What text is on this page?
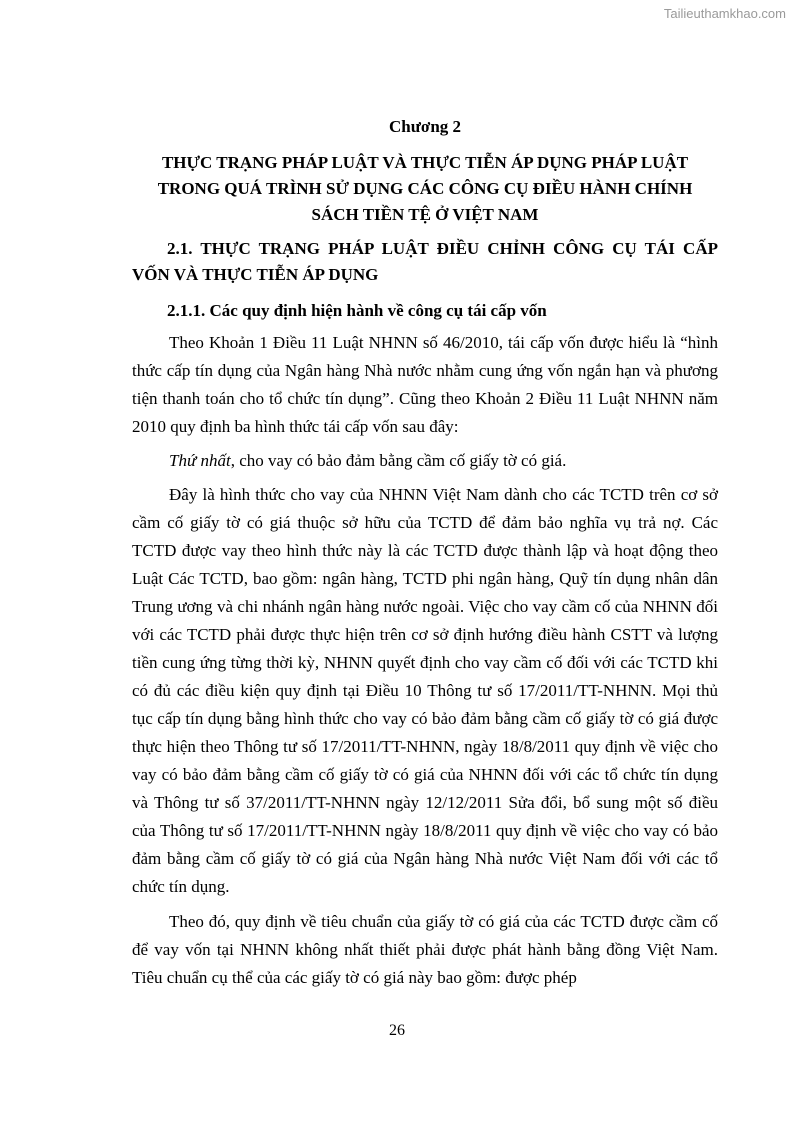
Tailieuthamkhao.com
Chương 2
THỰC TRẠNG PHÁP LUẬT VÀ THỰC TIỄN ÁP DỤNG PHÁP LUẬT
TRONG QUÁ TRÌNH SỬ DỤNG CÁC CÔNG CỤ ĐIỀU HÀNH CHÍNH
SÁCH TIỀN TỆ Ở VIỆT NAM
2.1. THỰC TRẠNG PHÁP LUẬT ĐIỀU CHỈNH CÔNG CỤ TÁI CẤP VỐN VÀ THỰC TIỄN ÁP DỤNG
2.1.1. Các quy định hiện hành về công cụ tái cấp vốn

Theo Khoản 1 Điều 11 Luật NHNN số 46/2010, tái cấp vốn được hiểu là “hình thức cấp tín dụng của Ngân hàng Nhà nước nhằm cung ứng vốn ngắn hạn và phương tiện thanh toán cho tổ chức tín dụng”. Cũng theo Khoản 2 Điều 11 Luật NHNN năm 2010 quy định ba hình thức tái cấp vốn sau đây:

Thứ nhất, cho vay có bảo đảm bằng cầm cố giấy tờ có giá.

Đây là hình thức cho vay của NHNN Việt Nam dành cho các TCTD trên cơ sở cầm cố giấy tờ có giá thuộc sở hữu của TCTD để đảm bảo nghĩa vụ trả nợ. Các TCTD được vay theo hình thức này là các TCTD được thành lập và hoạt động theo Luật Các TCTD, bao gồm: ngân hàng, TCTD phi ngân hàng, Quỹ tín dụng nhân dân Trung ương và chi nhánh ngân hàng nước ngoài. Việc cho vay cầm cố của NHNN đối với các TCTD phải được thực hiện trên cơ sở định hướng điều hành CSTT và lượng tiền cung ứng từng thời kỳ, NHNN quyết định cho vay cầm cố đối với các TCTD khi có đủ các điều kiện quy định tại Điều 10 Thông tư số 17/2011/TT-NHNN. Mọi thủ tục cấp tín dụng bằng hình thức cho vay có bảo đảm bằng cầm cố giấy tờ có giá được thực hiện theo Thông tư số 17/2011/TT-NHNN, ngày 18/8/2011 quy định về việc cho vay có bảo đảm bằng cầm cố giấy tờ có giá của NHNN đối với các tổ chức tín dụng và Thông tư số 37/2011/TT-NHNN ngày 12/12/2011 Sửa đổi, bổ sung một số điều của Thông tư số 17/2011/TT-NHNN ngày 18/8/2011 quy định về việc cho vay có bảo đảm bằng cầm cố giấy tờ có giá của Ngân hàng Nhà nước Việt Nam đối với các tổ chức tín dụng.

Theo đó, quy định về tiêu chuẩn của giấy tờ có giá của các TCTD được cầm cố để vay vốn tại NHNN không nhất thiết phải được phát hành bằng đồng Việt Nam. Tiêu chuẩn cụ thể của các giấy tờ có giá này bao gồm: được phép

26
